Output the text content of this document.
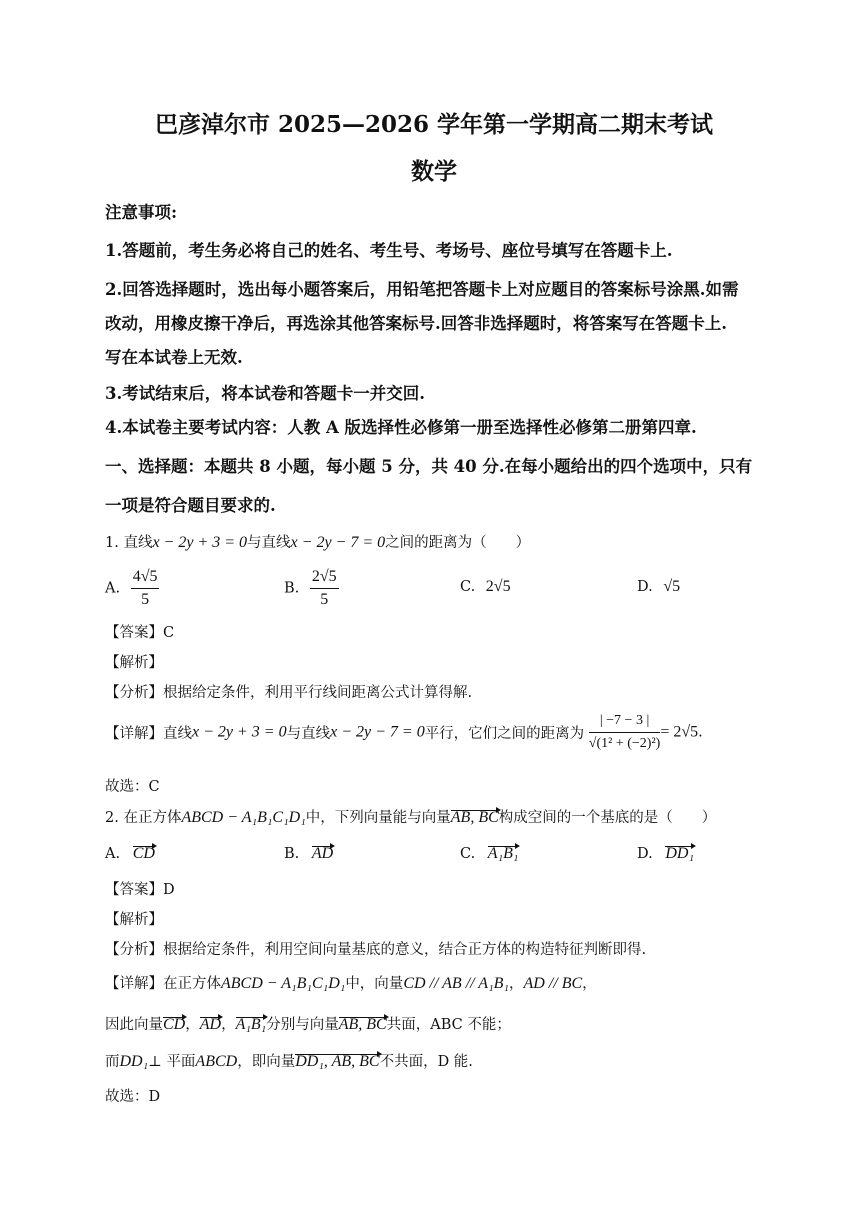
巴彦淖尔市 2025—2026 学年第一学期高二期末考试
数学
注意事项:
1.答题前，考生务必将自己的姓名、考生号、考场号、座位号填写在答题卡上.
2.回答选择题时，选出每小题答案后，用铅笔把答题卡上对应题目的答案标号涂黑.如需
改动，用橡皮擦干净后，再选涂其他答案标号.回答非选择题时，将答案写在答题卡上.
写在本试卷上无效.
3.考试结束后，将本试卷和答题卡一并交回.
4.本试卷主要考试内容：人教 A 版选择性必修第一册至选择性必修第二册第四章.
一、选择题：本题共 8 小题，每小题 5 分，共 40 分.在每小题给出的四个选项中，只有
一项是符合题目要求的.
1. 直线x − 2y + 3 = 0与直线x − 2y − 7 = 0之间的距离为（　　）
A. $\frac{4√5}{5}$	B. $\frac{2√5}{5}$	C. 2√5	D. √5
【答案】C
【解析】
【分析】根据给定条件，利用平行线间距离公式计算得解.
【详解】直线x − 2y + 3 = 0与直线x − 2y − 7 = 0平行，它们之间的距离为 $\frac{| -7 - 3 |}{\text{√(1² + (−2)²)}} = 2√5$.
故选：C
2. 在正方体ABCD − A₁B₁C₁D₁中，下列向量能与向量AB, BC构成空间的一个基底的是（　　）
A. CD	B. AD	C. A₁B₁	D. DD₁
【答案】D
【解析】
【分析】根据给定条件，利用空间向量基底的意义，结合正方体的构造特征判断即得.
【详解】在正方体ABCD − A₁B₁C₁D₁中，向量CD // AB // A₁B₁，AD // BC，
因此向量CD，AD，A₁B₁分别与向量AB, BC共面，ABC 不能；
而DD₁⊥ 平面ABCD，即向量DD₁, AB, BC不共面，D 能.
故选：D
